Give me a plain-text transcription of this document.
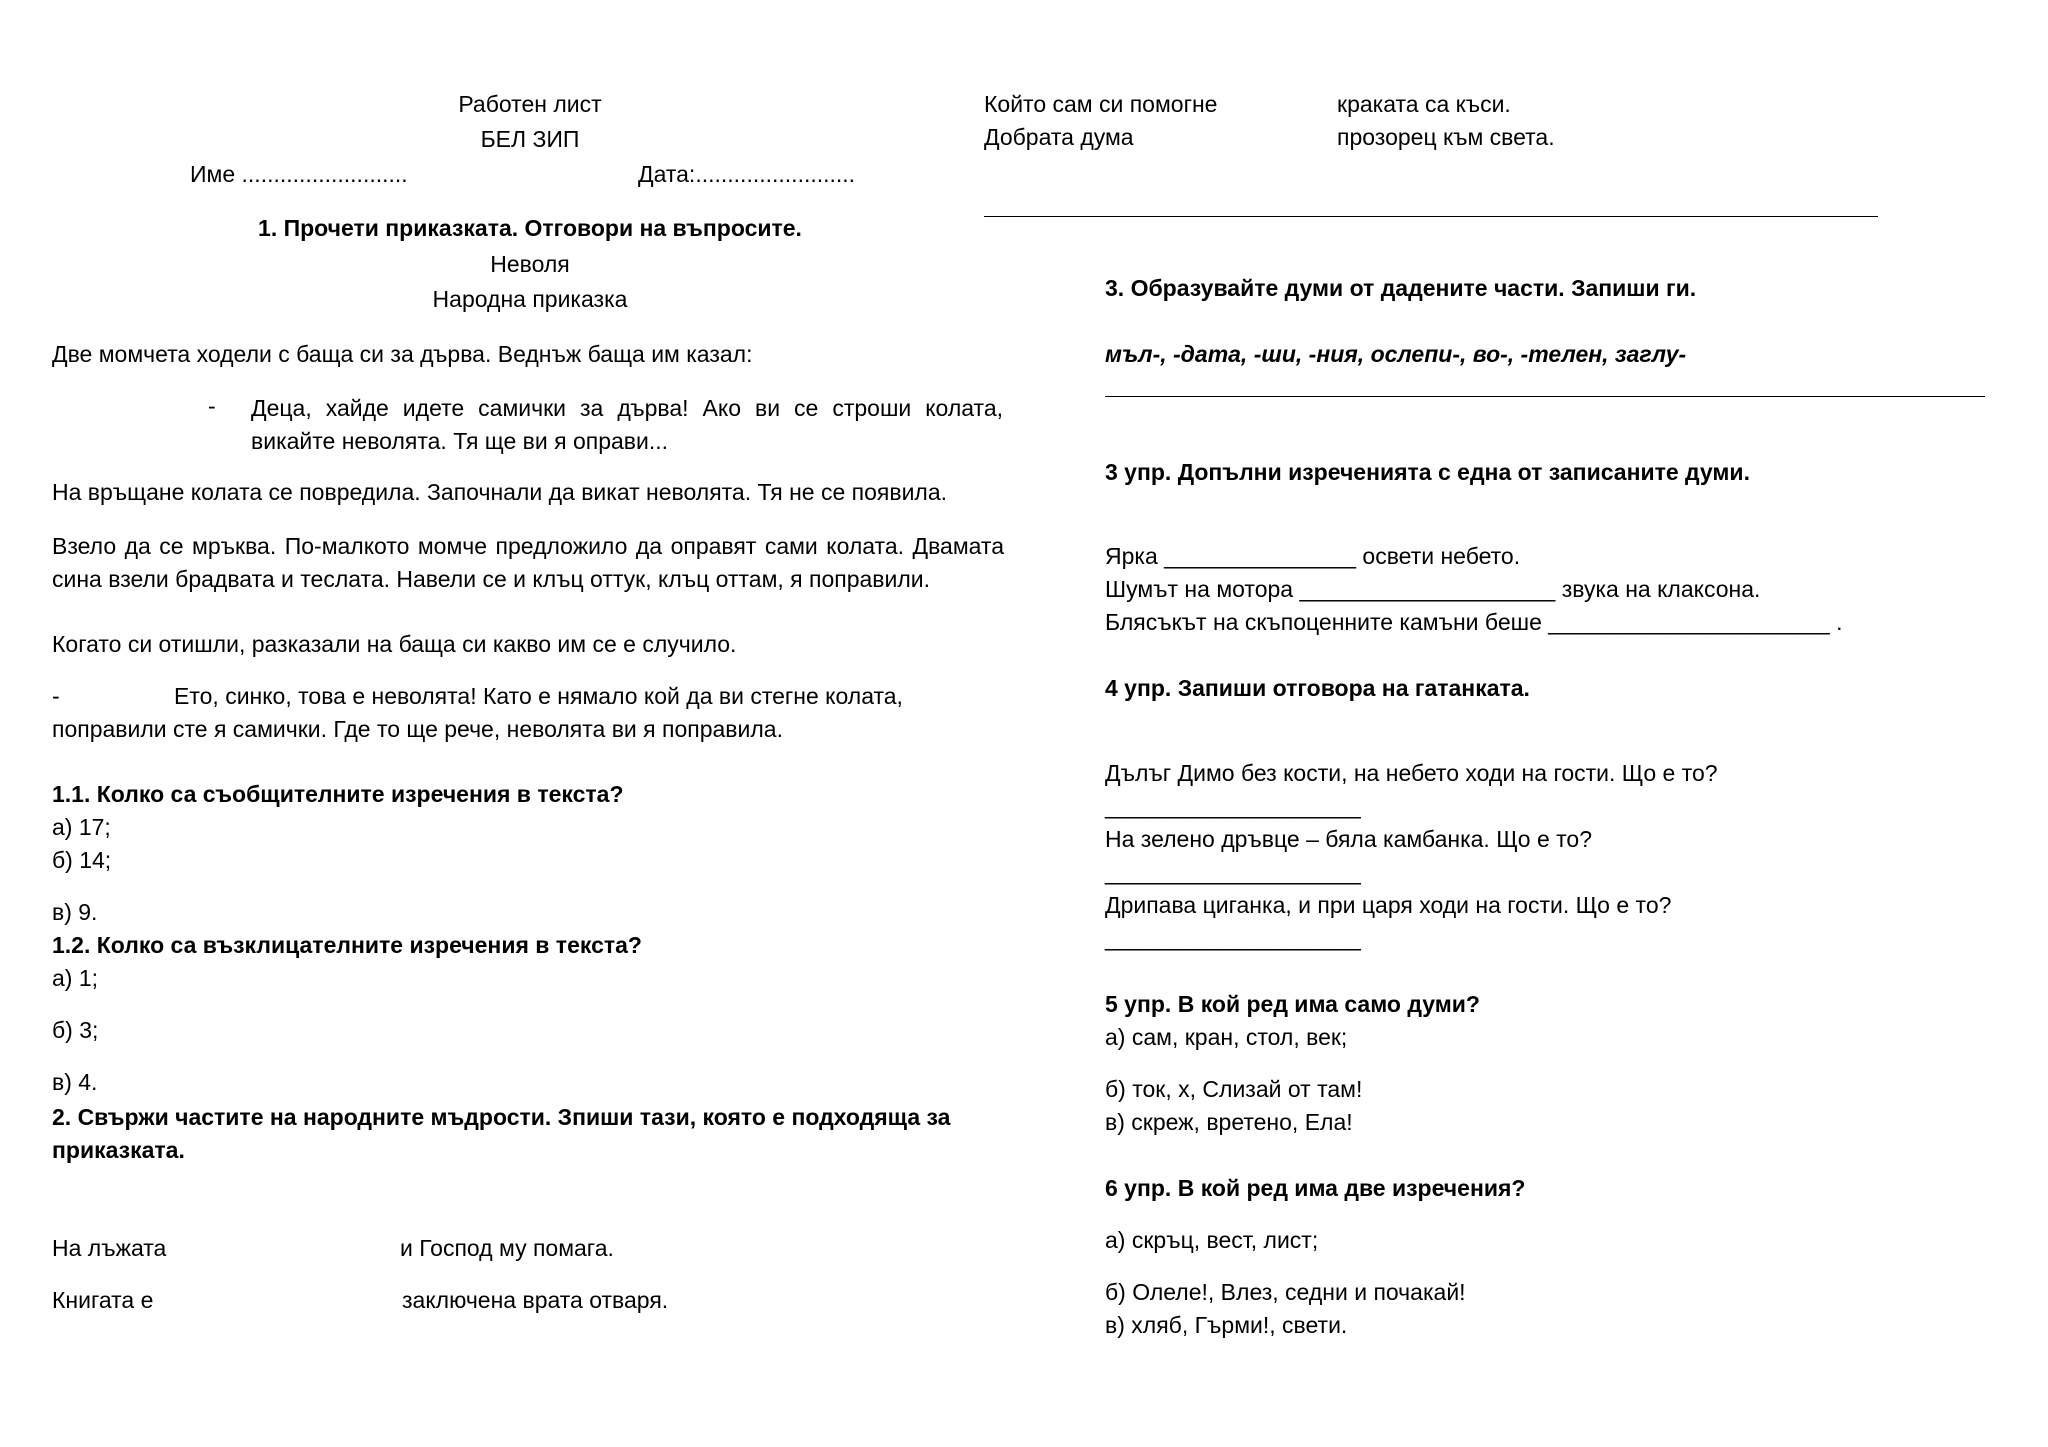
Работен лист
БЕЛ ЗИП
Име ..........................	Дата:.........................
1. Прочети приказката. Отговори на въпросите.
Неволя
Народна приказка
Две момчета ходели с баща си за дърва. Веднъж баща им казал:
- Деца, хайде идете самички за дърва! Ако ви се строши колата, викайте неволята. Тя ще ви я оправи...
На връщане колата се повредила. Започнали да викат неволята. Тя не се появила.
Взело да се мръква. По-малкото момче предложило да оправят сами колата. Двамата сина взели брадвата и теслата. Навели се и клъц оттук, клъц оттам, я поправили.
Когато си отишли, разказали на баща си какво им се е случило.
-	Ето, синко, това е неволята! Като е нямало кой да ви стегне колата,
поправили сте я самички. Где то ще рече, неволята ви я поправила.
1.1. Колко са съобщителните изречения в текста?
а) 17;
б) 14;
в) 9.
1.2. Колко са възклицателните изречения в текста?
а) 1;
б) 3;
в) 4.
2. Свържи частите на народните мъдрости. Зпиши тази, която е подходяща за приказката.
На лъжата	и Господ му помага.
Книгата е	заключена врата отваря.
Който сам си помогне	краката са къси.
Добрата дума	прозорец към света.
3. Образувайте думи от дадените части. Запиши ги.
мъл-, -дата, -ши, -ния, ослепи-, во-, -телен, заглу-
3 упр. Допълни изреченията с една от записаните думи.
Ярка _______________ освети небето.
Шумът на мотора ____________________ звука на клаксона.
Блясъкът на скъпоценните камъни беше ______________________ .
4 упр. Запиши отговора на гатанката.
Дълъг Димо без кости, на небето ходи на гости. Що е то?
____________________
На зелено дръвце – бяла камбанка. Що е то?
____________________
Дрипава циганка, и при царя ходи на гости. Що е то?
____________________
5 упр. В кой ред има само думи?
а) сам, кран, стол, век;
б) ток, х, Слизай от там!
в) скреж, вретено, Ела!
6 упр. В кой ред има две изречения?
а) скръц, вест, лист;
б) Олеле!, Влез, седни и почакай!
в) хляб, Гърми!, свети.
